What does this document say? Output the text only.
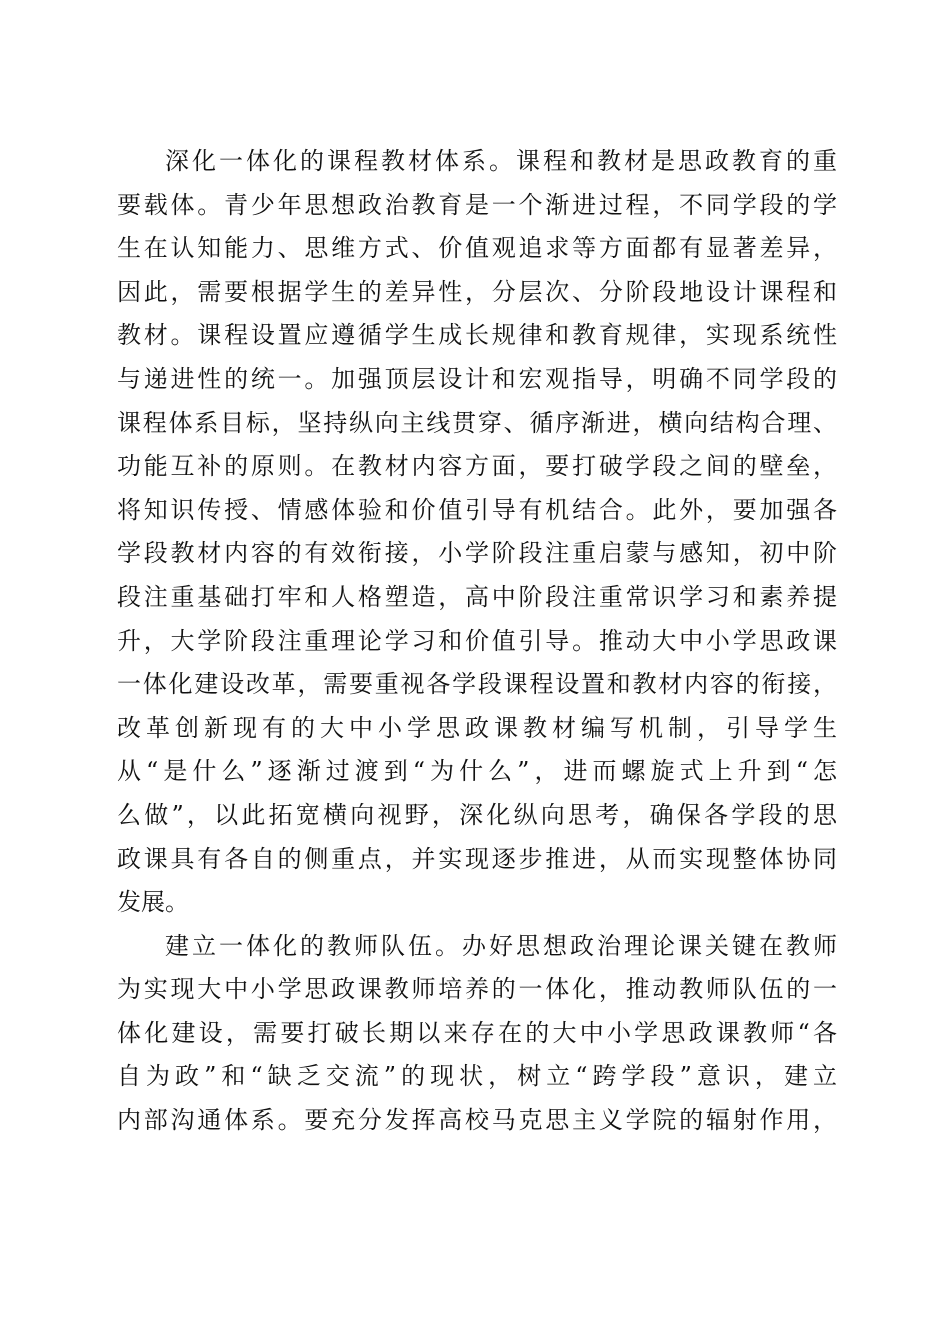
深化一体化的课程教材体系。课程和教材是思政教育的重
要载体。青少年思想政治教育是一个渐进过程，不同学段的学
生在认知能力、思维方式、价值观追求等方面都有显著差异，
因此，需要根据学生的差异性，分层次、分阶段地设计课程和
教材。课程设置应遵循学生成长规律和教育规律，实现系统性
与递进性的统一。加强顶层设计和宏观指导，明确不同学段的
课程体系目标，坚持纵向主线贯穿、循序渐进，横向结构合理、
功能互补的原则。在教材内容方面，要打破学段之间的壁垒，
将知识传授、情感体验和价值引导有机结合。此外，要加强各
学段教材内容的有效衔接，小学阶段注重启蒙与感知，初中阶
段注重基础打牢和人格塑造，高中阶段注重常识学习和素养提
升，大学阶段注重理论学习和价值引导。推动大中小学思政课
一体化建设改革，需要重视各学段课程设置和教材内容的衔接，
改革创新现有的大中小学思政课教材编写机制，引导学生
从“是什么”逐渐过渡到“为什么”，进而螺旋式上升到“怎
么做”，以此拓宽横向视野，深化纵向思考，确保各学段的思
政课具有各自的侧重点，并实现逐步推进，从而实现整体协同
发展。
建立一体化的教师队伍。办好思想政治理论课关键在教师
为实现大中小学思政课教师培养的一体化，推动教师队伍的一
体化建设，需要打破长期以来存在的大中小学思政课教师“各
自为政”和“缺乏交流”的现状，树立“跨学段”意识，建立
内部沟通体系。要充分发挥高校马克思主义学院的辐射作用，
